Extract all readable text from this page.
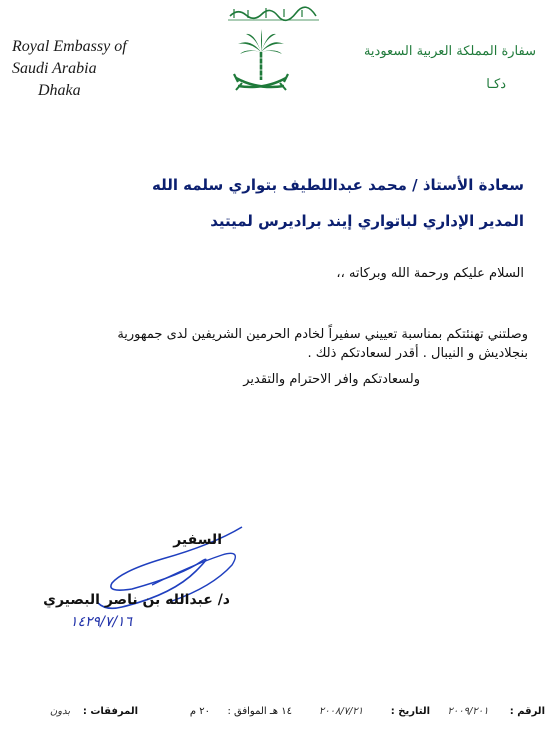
Royal Embassy of
Saudi Arabia
Dhaka
سفارة المملكة العربية السعودية
دكـا
سعادة الأستاذ / محمد عبداللطيف بتواري سلمه الله
المدير الإداري لباتواري إيند براديرس لميتيد
السلام عليكم ورحمة الله وبركاته ،،
وصلتني تهنئتكم بمناسبة تعييني سفيراً لخادم الحرمين الشريفين لدى جمهورية
بنجلاديش و النيبال . أقدر لسعادتكم ذلك .
ولسعادتكم وافر الاحترام والتقدير
السفير
د/ عبدالله بن ناصر البصيري
١٤٢٩/٧/١٦
الرقم :
٢٠٠٩/٢٠١
التاريخ :
٢٠٠٨/٧/٢١
١٤ هـ الموافق :
٢٠ م
المرفقات :
بدون
